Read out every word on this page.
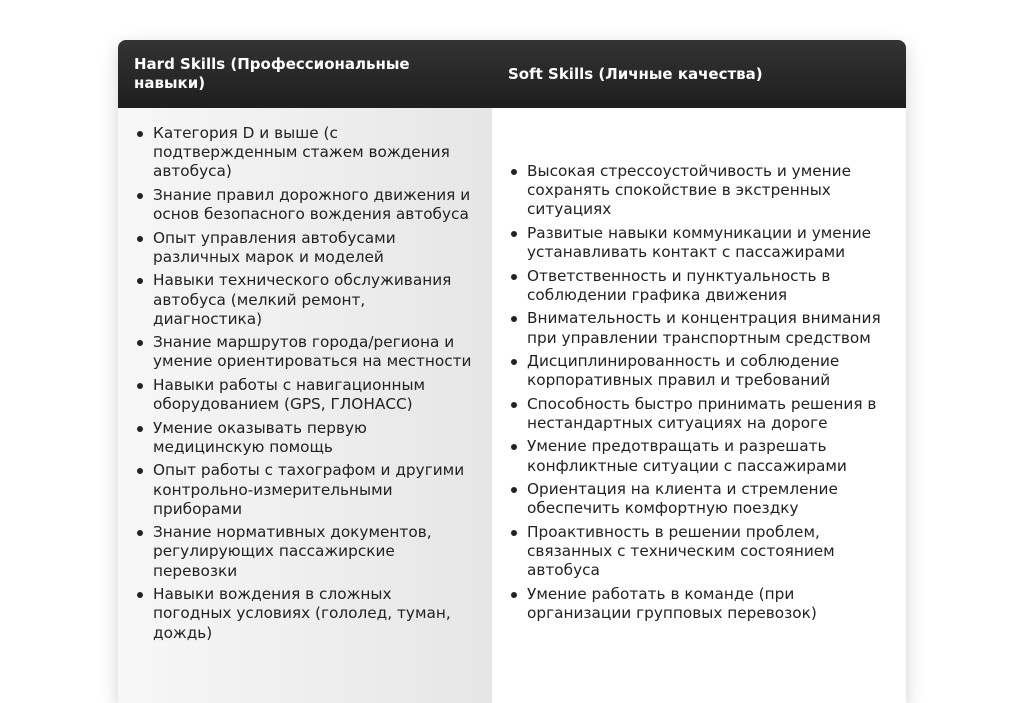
Hard Skills (Профессиональные навыки)
Soft Skills (Личные качества)
Категория D и выше (с подтвержденным стажем вождения автобуса)
Знание правил дорожного движения и основ безопасного вождения автобуса
Опыт управления автобусами различных марок и моделей
Навыки технического обслуживания автобуса (мелкий ремонт, диагностика)
Знание маршрутов города/региона и умение ориентироваться на местности
Навыки работы с навигационным оборудованием (GPS, ГЛОНАСС)
Умение оказывать первую медицинскую помощь
Опыт работы с тахографом и другими контрольно-измерительными приборами
Знание нормативных документов, регулирующих пассажирские перевозки
Навыки вождения в сложных погодных условиях (гололед, туман, дождь)
Высокая стрессоустойчивость и умение сохранять спокойствие в экстренных ситуациях
Развитые навыки коммуникации и умение устанавливать контакт с пассажирами
Ответственность и пунктуальность в соблюдении графика движения
Внимательность и концентрация внимания при управлении транспортным средством
Дисциплинированность и соблюдение корпоративных правил и требований
Способность быстро принимать решения в нестандартных ситуациях на дороге
Умение предотвращать и разрешать конфликтные ситуации с пассажирами
Ориентация на клиента и стремление обеспечить комфортную поездку
Проактивность в решении проблем, связанных с техническим состоянием автобуса
Умение работать в команде (при организации групповых перевозок)
